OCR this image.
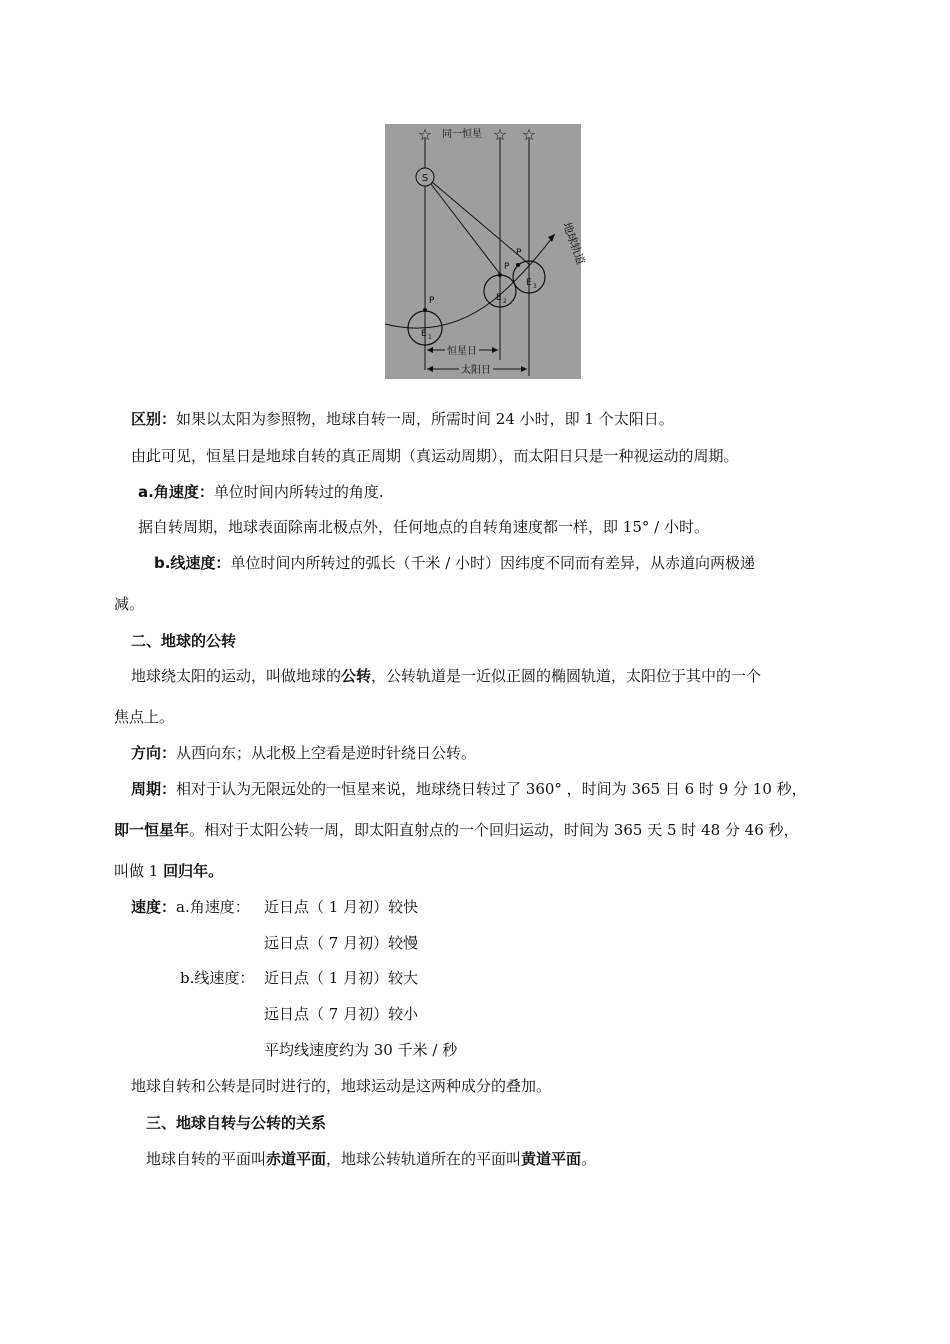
☆	☆ ☆
同一恒星
S
地球轨道
P
E 1
P
E 2
P
E 3
恒星日
太阳日
区别：如果以太阳为参照物，地球自转一周，所需时间 24 小时，即 1 个太阳日。
由此可见，恒星日是地球自转的真正周期（真运动周期），而太阳日只是一种视运动的周期。
a.角速度：单位时间内所转过的角度.
据自转周期，地球表面除南北极点外，任何地点的自转角速度都一样，即 15° / 小时。
b.线速度：单位时间内所转过的弧长（千米 / 小时）因纬度不同而有差异，从赤道向两极递
减。
二、地球的公转
地球绕太阳的运动，叫做地球的公转，公转轨道是一近似正圆的椭圆轨道，太阳位于其中的一个
焦点上。
方向：从西向东；从北极上空看是逆时针绕日公转。
周期：相对于认为无限远处的一恒星来说，地球绕日转过了 360° ，时间为 365 日 6 时 9 分 10 秒，
即一恒星年。相对于太阳公转一周，即太阳直射点的一个回归运动，时间为 365 天 5 时 48 分 46 秒，
叫做 1 回归年。
速度：a.角速度： 近日点（ 1 月初）较快
远日点（ 7 月初）较慢
b.线速度： 近日点（ 1 月初）较大
远日点（ 7 月初）较小
平均线速度约为 30 千米 / 秒
地球自转和公转是同时进行的，地球运动是这两种成分的叠加。
三、地球自转与公转的关系
地球自转的平面叫赤道平面，地球公转轨道所在的平面叫黄道平面。
